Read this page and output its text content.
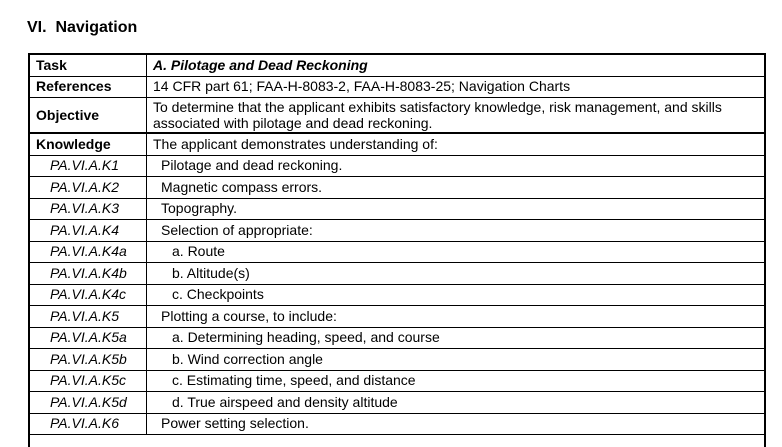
VI.  Navigation
Task	A. Pilotage and Dead Reckoning
References	14 CFR part 61; FAA-H-8083-2, FAA-H-8083-25; Navigation Charts
Objective	To determine that the applicant exhibits satisfactory knowledge, risk management, and skills associated with pilotage and dead reckoning.
Knowledge	The applicant demonstrates understanding of:
PA.VI.A.K1	Pilotage and dead reckoning.
PA.VI.A.K2	Magnetic compass errors.
PA.VI.A.K3	Topography.
PA.VI.A.K4	Selection of appropriate:
PA.VI.A.K4a	a. Route
PA.VI.A.K4b	b. Altitude(s)
PA.VI.A.K4c	c. Checkpoints
PA.VI.A.K5	Plotting a course, to include:
PA.VI.A.K5a	a. Determining heading, speed, and course
PA.VI.A.K5b	b. Wind correction angle
PA.VI.A.K5c	c. Estimating time, speed, and distance
PA.VI.A.K5d	d. True airspeed and density altitude
PA.VI.A.K6	Power setting selection.
